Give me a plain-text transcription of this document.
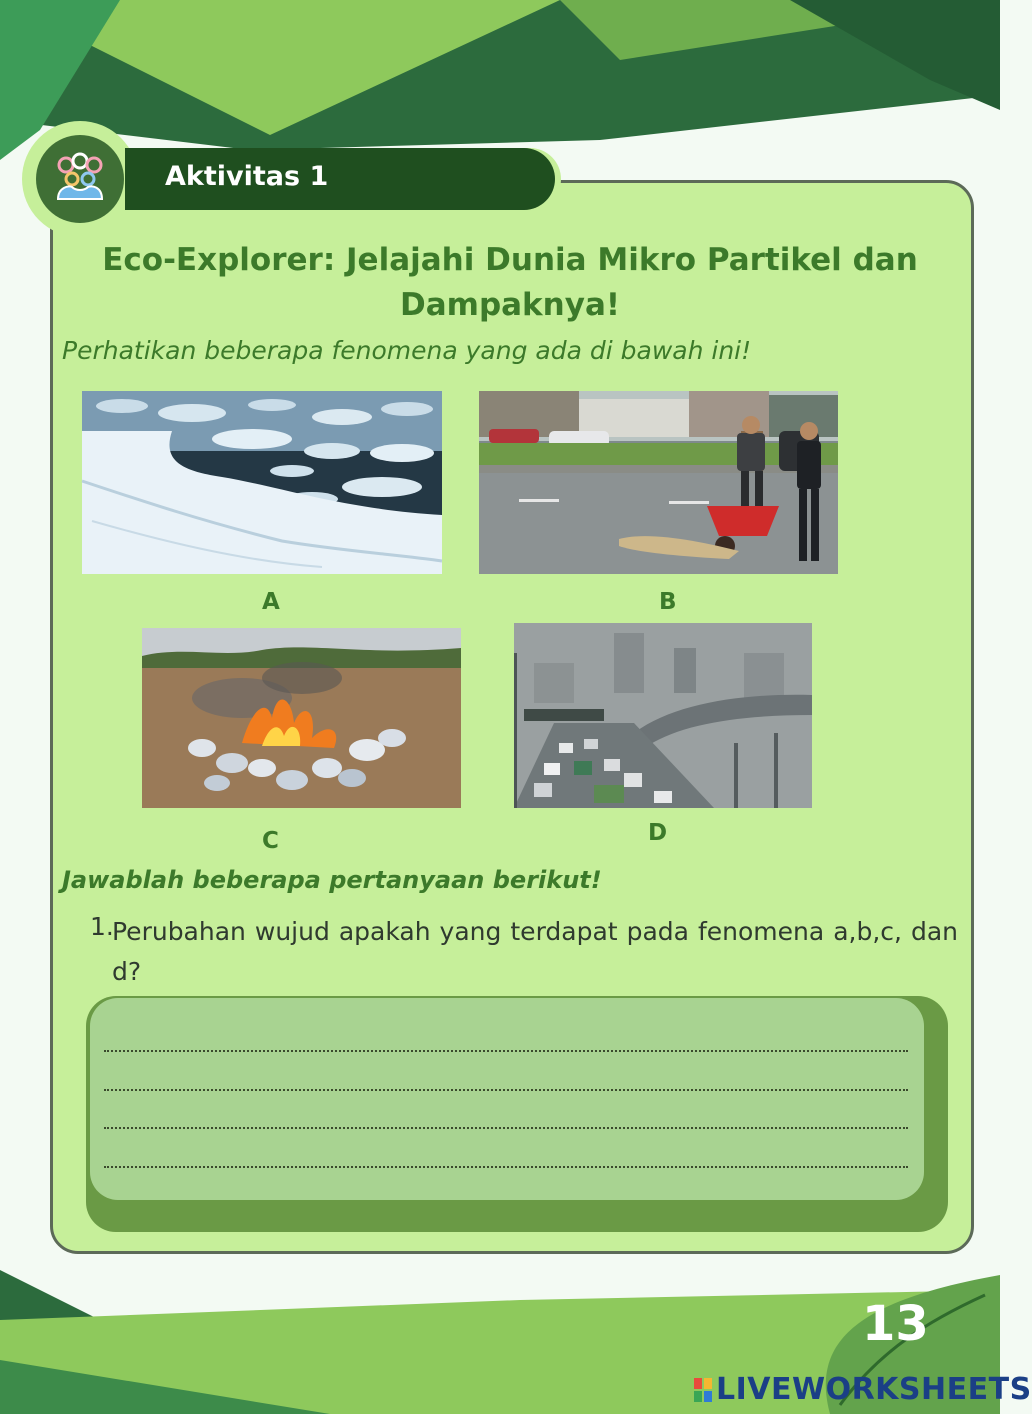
Aktivitas 1
Eco-Explorer: Jelajahi Dunia Mikro Partikel dan Dampaknya!
Perhatikan beberapa fenomena yang ada di bawah ini!
A	B
C	D
Jawablah beberapa pertanyaan berikut!
1.
Perubahan wujud apakah yang terdapat pada fenomena a,b,c, dan d?
13
LIVEWORKSHEETS
